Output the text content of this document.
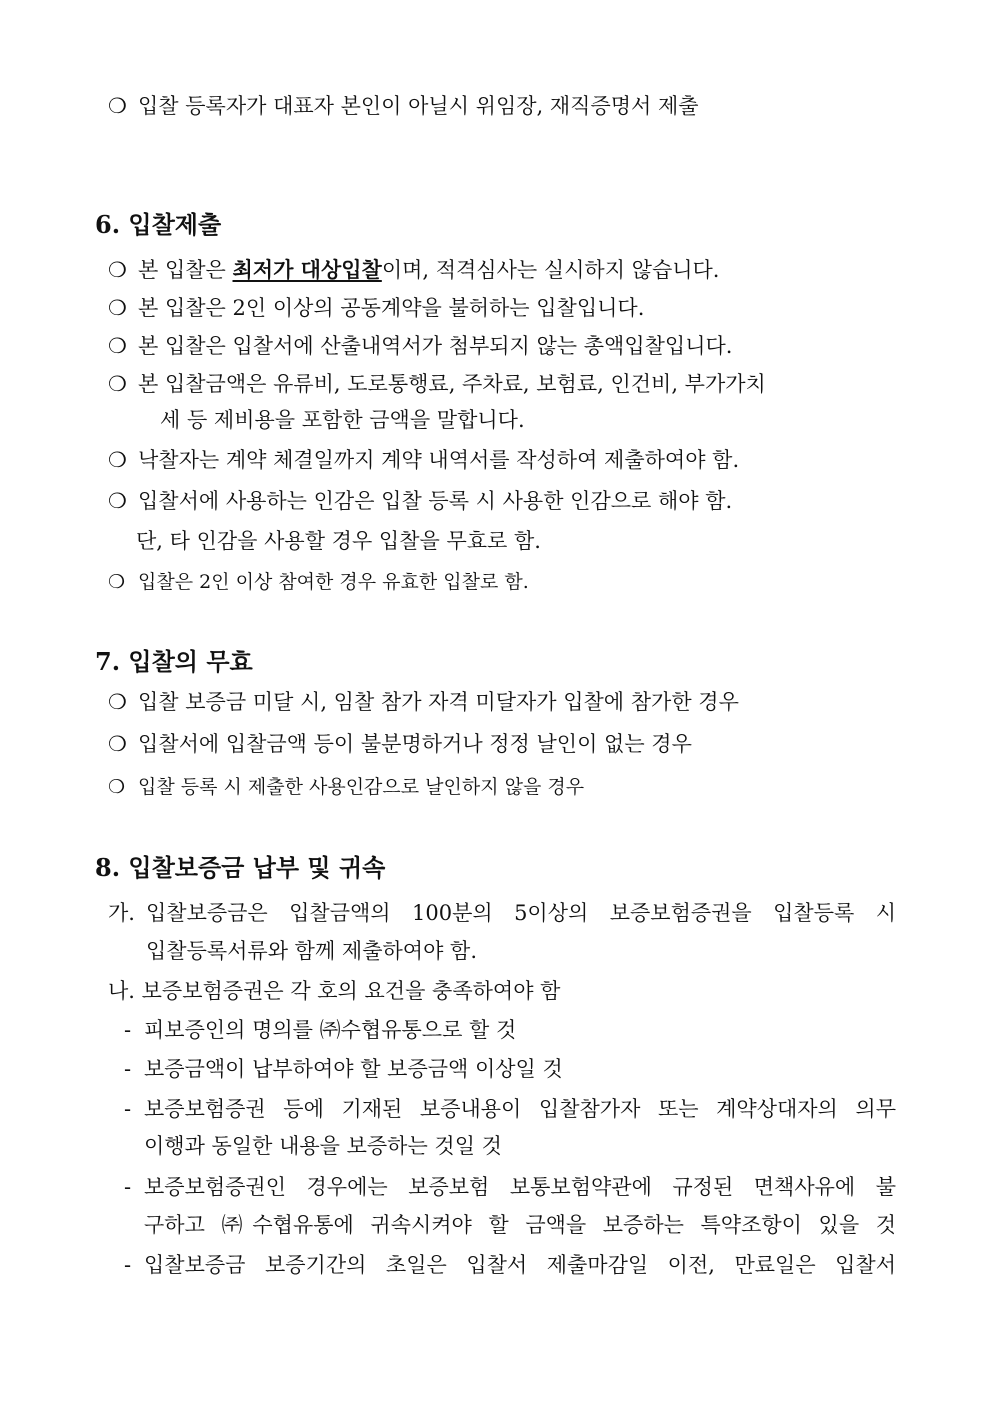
❍ 입찰 등록자가 대표자 본인이 아닐시 위임장, 재직증명서 제출
6. 입찰제출
❍ 본 입찰은 최저가 대상입찰이며, 적격심사는 실시하지 않습니다.
❍ 본 입찰은 2인 이상의 공동계약을 불허하는 입찰입니다.
❍ 본 입찰은 입찰서에 산출내역서가 첨부되지 않는 총액입찰입니다.
❍ 본 입찰금액은 유류비, 도로통행료, 주차료, 보험료, 인건비, 부가가치
세 등 제비용을 포함한 금액을 말합니다.
❍ 낙찰자는 계약 체결일까지 계약 내역서를 작성하여 제출하여야 함.
❍ 입찰서에 사용하는 인감은 입찰 등록 시 사용한 인감으로 해야 함.
단, 타 인감을 사용할 경우 입찰을 무효로 함.
❍ 입찰은 2인 이상 참여한 경우 유효한 입찰로 함.
7. 입찰의 무효
❍ 입찰 보증금 미달 시, 임찰 참가 자격 미달자가 입찰에 참가한 경우
❍ 입찰서에 입찰금액 등이 불분명하거나 정정 날인이 없는 경우
❍ 입찰 등록 시 제출한 사용인감으로 날인하지 않을 경우
8. 입찰보증금 납부 및 귀속
가. 입찰보증금은 입찰금액의 100분의 5이상의 보증보험증권을 입찰등록 시
입찰등록서류와 함께 제출하여야 함.
나. 보증보험증권은 각 호의 요건을 충족하여야 함
- 피보증인의 명의를 ㈜수협유통으로 할 것
- 보증금액이 납부하여야 할 보증금액 이상일 것
- 보증보험증권 등에 기재된 보증내용이 입찰참가자 또는 계약상대자의 의무
이행과 동일한 내용을 보증하는 것일 것
- 보증보험증권인 경우에는 보증보험 보통보험약관에 규정된 면책사유에 불
구하고 ㈜수협유통에 귀속시켜야 할 금액을 보증하는 특약조항이 있을 것
- 입찰보증금 보증기간의 초일은 입찰서 제출마감일 이전, 만료일은 입찰서
